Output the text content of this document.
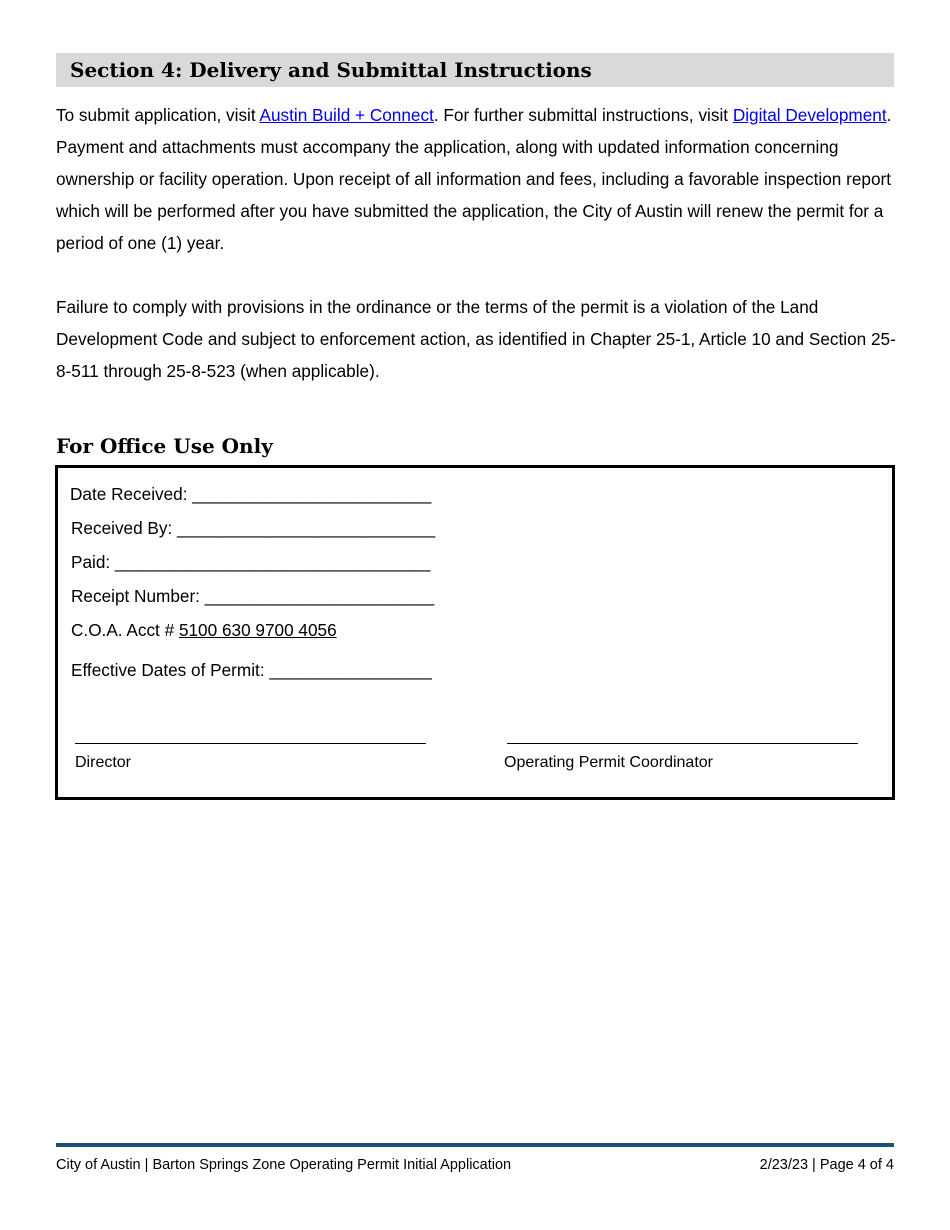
Section 4: Delivery and Submittal Instructions

To submit application, visit Austin Build + Connect. For further submittal instructions, visit Digital Development. Payment and attachments must accompany the application, along with updated information concerning ownership or facility operation. Upon receipt of all information and fees, including a favorable inspection report which will be performed after you have submitted the application, the City of Austin will renew the permit for a period of one (1) year.

Failure to comply with provisions in the ordinance or the terms of the permit is a violation of the Land Development Code and subject to enforcement action, as identified in Chapter 25-1, Article 10 and Section 25-8-511 through 25-8-523 (when applicable).

For Office Use Only
Date Received: _________________________
Received By: ___________________________
Paid: _________________________________
Receipt Number: ________________________
C.O.A. Acct # 5100 630 9700 4056
Effective Dates of Permit: _________________
Director	Operating Permit Coordinator
City of Austin | Barton Springs Zone Operating Permit Initial Application	2/23/23 | Page 4 of 4
